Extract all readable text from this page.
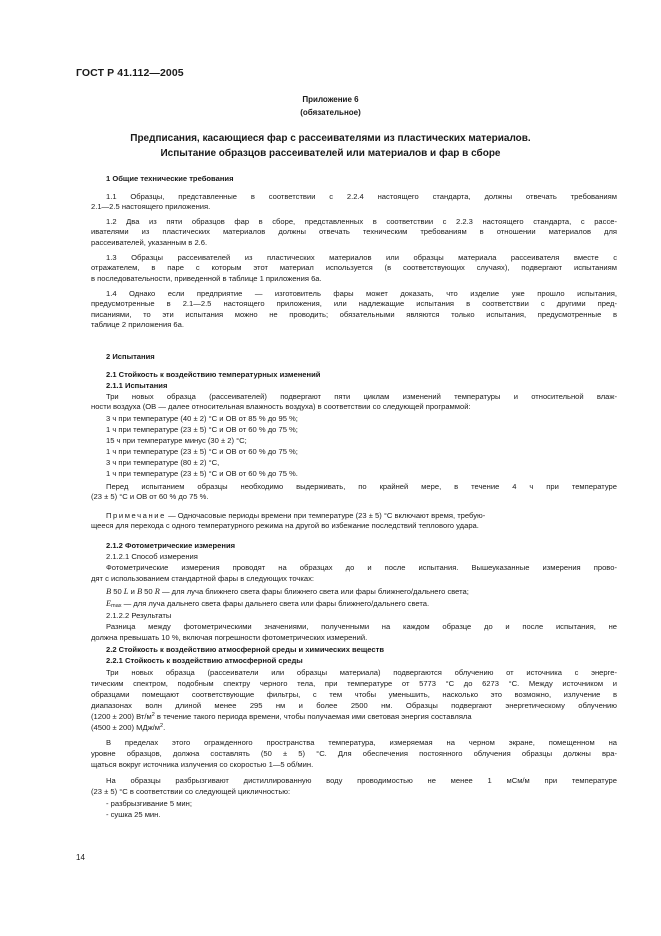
ГОСТ Р 41.112—2005
Приложение 6
(обязательное)
Предписания, касающиеся фар с рассеивателями из пластических материалов.
Испытание образцов рассеивателей или материалов и фар в сборе
1 Общие технические требования
1.1 Образцы, представленные в соответствии с 2.2.4 настоящего стандарта, должны отвечать требованиям
2.1—2.5 настоящего приложения.
1.2 Два из пяти образцов фар в сборе, представленных в соответствии с 2.2.3 настоящего стандарта, с рассе-
ивателями из пластических материалов должны отвечать техническим требованиям в отношении материалов для
рассеивателей, указанным в 2.6.
1.3 Образцы рассеивателей из пластических материалов или образцы материала рассеивателя вместе с
отражателем, в паре с которым этот материал используется (в соответствующих случаях), подвергают испытаниям
в последовательности, приведенной в таблице 1 приложения 6а.
1.4 Однако если предприятие — изготовитель фары может доказать, что изделие уже прошло испытания,
предусмотренные в 2.1—2.5 настоящего приложения, или надлежащие испытания в соответствии с другими пред-
писаниями, то эти испытания можно не проводить; обязательными являются только испытания, предусмотренные в
таблице 2 приложения 6а.
2 Испытания
2.1 Стойкость к воздействию температурных изменений
2.1.1 Испытания
Три новых образца (рассеивателей) подвергают пяти циклам изменений температуры и относительной влаж-
ности воздуха (ОВ — далее относительная влажность воздуха) в соответствии со следующей программой:
3 ч при температуре (40 ± 2) °С и ОВ от 85 % до 95 %;
1 ч при температуре (23 ± 5) °С и ОВ от 60 % до 75 %;
15 ч при температуре минус (30 ± 2) °С;
1 ч при температуре (23 ± 5) °С и ОВ от 60 % до 75 %;
3 ч при температуре (80 ± 2) °С,
1 ч при температуре (23 ± 5) °С и ОВ от 60 % до 75 %.
Перед испытанием образцы необходимо выдерживать, по крайней мере, в течение 4 ч при температуре
(23 ± 5) °С и ОВ от 60 % до 75 %.
Примечание — Одночасовые периоды времени при температуре (23 ± 5) °С включают время, требую-
щееся для перехода с одного температурного режима на другой во избежание последствий теплового удара.
2.1.2 Фотометрические измерения
2.1.2.1 Способ измерения
Фотометрические измерения проводят на образцах до и после испытания. Вышеуказанные измерения прово-
дят с использованием стандартной фары в следующих точках:
B 50 L и B 50 R — для луча ближнего света фары ближнего света или фары ближнего/дальнего света;
$E_{max}$ — для луча дальнего света фары дальнего света или фары ближнего/дальнего света.
2.1.2.2 Результаты
Разница между фотометрическими значениями, полученными на каждом образце до и после испытания, не
должна превышать 10 %, включая погрешности фотометрических измерений.
2.2 Стойкость к воздействию атмосферной среды и химических веществ
2.2.1 Стойкость к воздействию атмосферной среды
Три новых образца (рассеиватели или образцы материала) подвергаются облучению от источника с энерге-
тическим спектром, подобным спектру черного тела, при температуре от 5773 °С до 6273 °С. Между источником и
образцами помещают соответствующие фильтры, с тем чтобы уменьшить, насколько это возможно, излучение в
диапазонах волн длиной менее 295 нм и более 2500 нм. Образцы подвергают энергетическому облучению
(1200 ± 200) $Вт/м^2$ в течение такого периода времени, чтобы получаемая ими световая энергия составляла
(4500 ± 200) МДж/$м^2$.
В пределах этого огражденного пространства температура, измеряемая на черном экране, помещенном на
уровне образцов, должна составлять (50 ± 5) °С. Для обеспечения постоянного облучения образцы должны вра-
щаться вокруг источника излучения со скоростью 1—5 об/мин.
На образцы разбрызгивают дистиллированную воду проводимостью не менее 1 мСм/м при температуре
(23 ± 5) °С в соответствии со следующей цикличностью:
- разбрызгивание 5 мин;
- сушка 25 мин.
14
